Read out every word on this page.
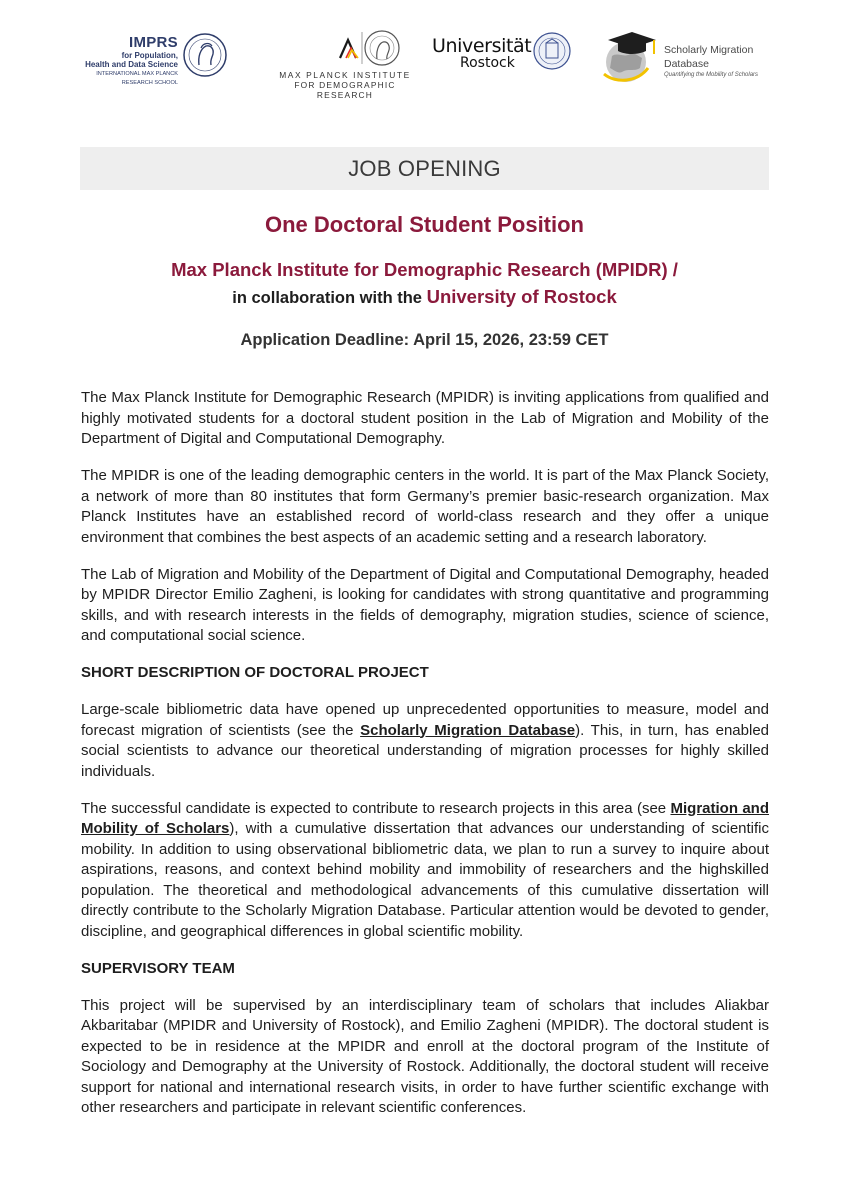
IMPRS
for Population,
Health and Data Science
INTERNATIONAL MAX PLANCK
RESEARCH SCHOOL
MAX PLANCK INSTITUTE
FOR DEMOGRAPHIC RESEARCH
Universität
Rostock
Scholarly Migration
Database
Quantifying the Mobility of Scholars
JOB OPENING
One Doctoral Student Position
Max Planck Institute for Demographic Research (MPIDR) /
in collaboration with the University of Rostock
Application Deadline: April 15, 2026, 23:59 CET

The Max Planck Institute for Demographic Research (MPIDR) is inviting applications from qualified and highly motivated students for a doctoral student position in the Lab of Migration and Mobility of the Department of Digital and Computational Demography.

The MPIDR is one of the leading demographic centers in the world. It is part of the Max Planck Society, a network of more than 80 institutes that form Germany’s premier basic-research organization. Max Planck Institutes have an established record of world-class research and they offer a unique environment that combines the best aspects of an academic setting and a research laboratory.

The Lab of Migration and Mobility of the Department of Digital and Computational Demography, headed by MPIDR Director Emilio Zagheni, is looking for candidates with strong quantitative and programming skills, and with research interests in the fields of demography, migration studies, science of science, and computational social science.

SHORT DESCRIPTION OF DOCTORAL PROJECT

Large-scale bibliometric data have opened up unprecedented opportunities to measure, model and forecast migration of scientists (see the Scholarly Migration Database). This, in turn, has enabled social scientists to advance our theoretical understanding of migration processes for highly skilled individuals.

The successful candidate is expected to contribute to research projects in this area (see Migration and Mobility of Scholars), with a cumulative dissertation that advances our understanding of scientific mobility. In addition to using observational bibliometric data, we plan to run a survey to inquire about aspirations, reasons, and context behind mobility and immobility of researchers and the highskilled population. The theoretical and methodological advancements of this cumulative dissertation will directly contribute to the Scholarly Migration Database. Particular attention would be devoted to gender, discipline, and geographical differences in global scientific mobility.

SUPERVISORY TEAM

This project will be supervised by an interdisciplinary team of scholars that includes Aliakbar Akbaritabar (MPIDR and University of Rostock), and Emilio Zagheni (MPIDR). The doctoral student is expected to be in residence at the MPIDR and enroll at the doctoral program of the Institute of Sociology and Demography at the University of Rostock. Additionally, the doctoral student will receive support for national and international research visits, in order to have further scientific exchange with other researchers and participate in relevant scientific conferences.
